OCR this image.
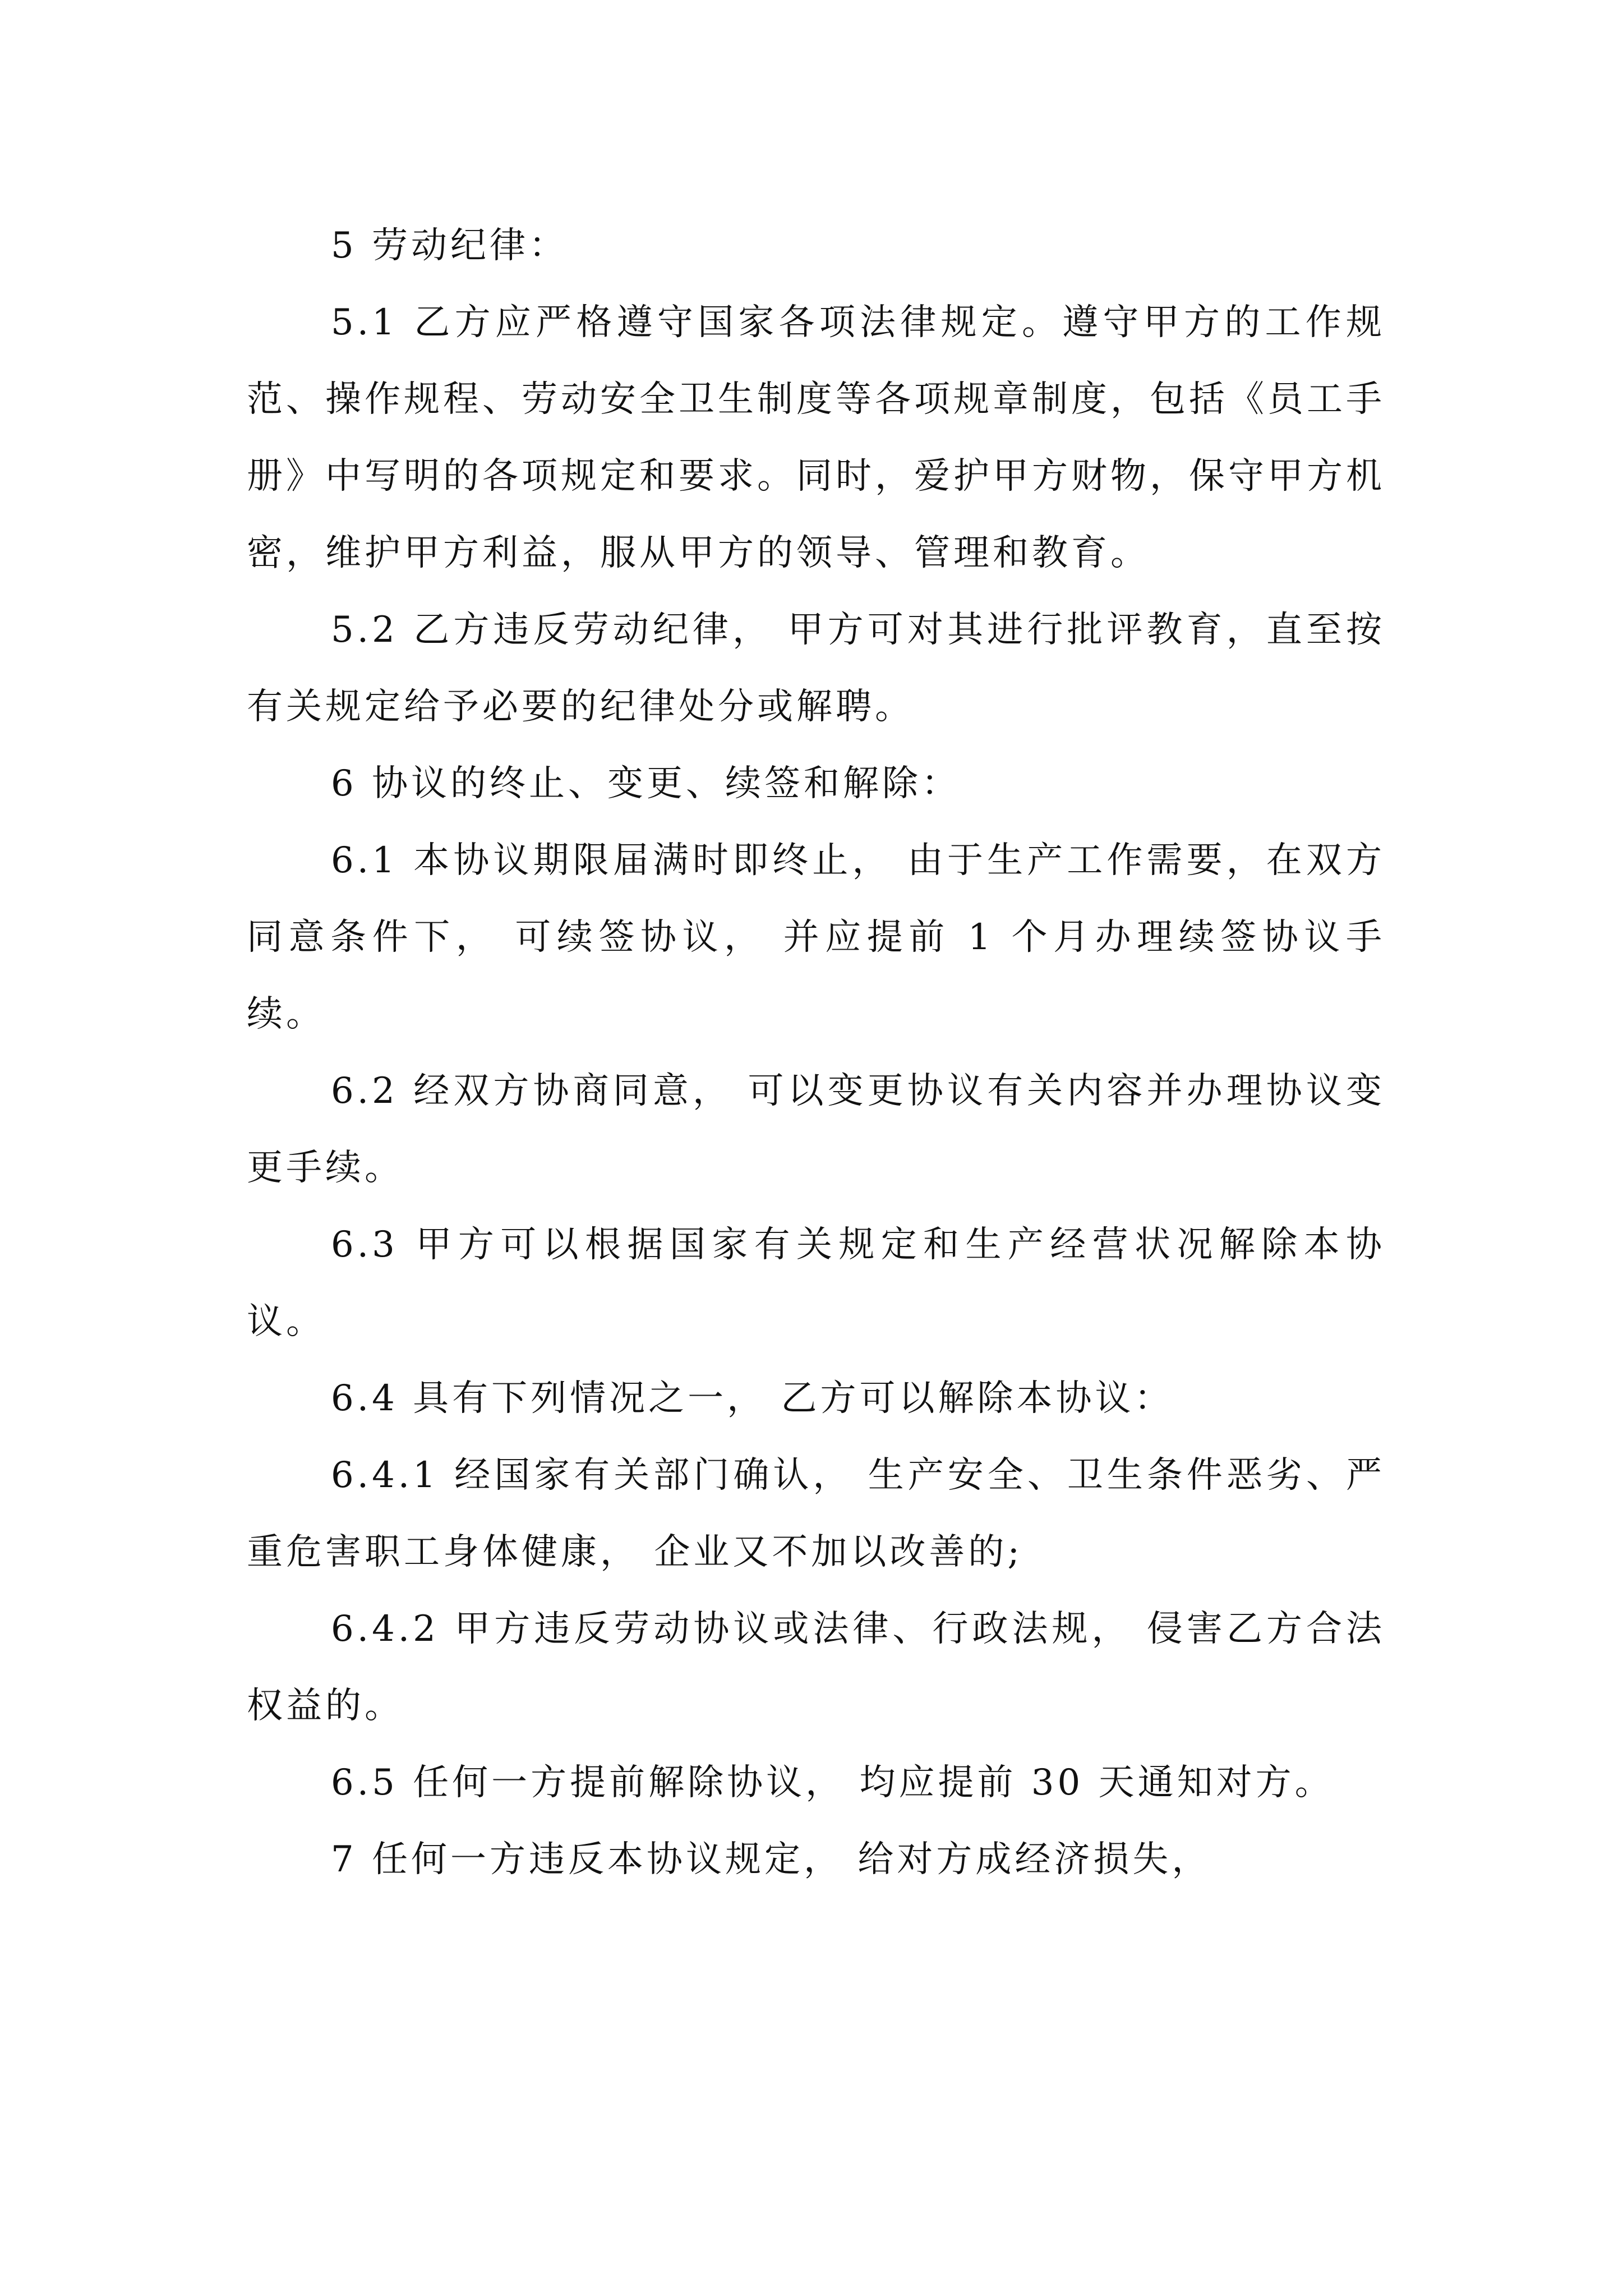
5 劳动纪律：

5.1 乙方应严格遵守国家各项法律规定。遵守甲方的工作规范、操作规程、劳动安全卫生制度等各项规章制度，包括《员工手册》中写明的各项规定和要求。同时，爱护甲方财物，保守甲方机密，维护甲方利益，服从甲方的领导、管理和教育。

5.2 乙方违反劳动纪律， 甲方可对其进行批评教育，直至按有关规定给予必要的纪律处分或解聘。

6 协议的终止、变更、续签和解除：

6.1 本协议期限届满时即终止， 由于生产工作需要，在双方同意条件下， 可续签协议， 并应提前 1 个月办理续签协议手续。

6.2 经双方协商同意， 可以变更协议有关内容并办理协议变更手续。

6.3 甲方可以根据国家有关规定和生产经营状况解除本协议。

6.4 具有下列情况之一， 乙方可以解除本协议：

6.4.1 经国家有关部门确认， 生产安全、卫生条件恶劣、严重危害职工身体健康， 企业又不加以改善的;

6.4.2 甲方违反劳动协议或法律、行政法规， 侵害乙方合法权益的。

6.5 任何一方提前解除协议， 均应提前 30 天通知对方。

7 任何一方违反本协议规定， 给对方成经济损失，
